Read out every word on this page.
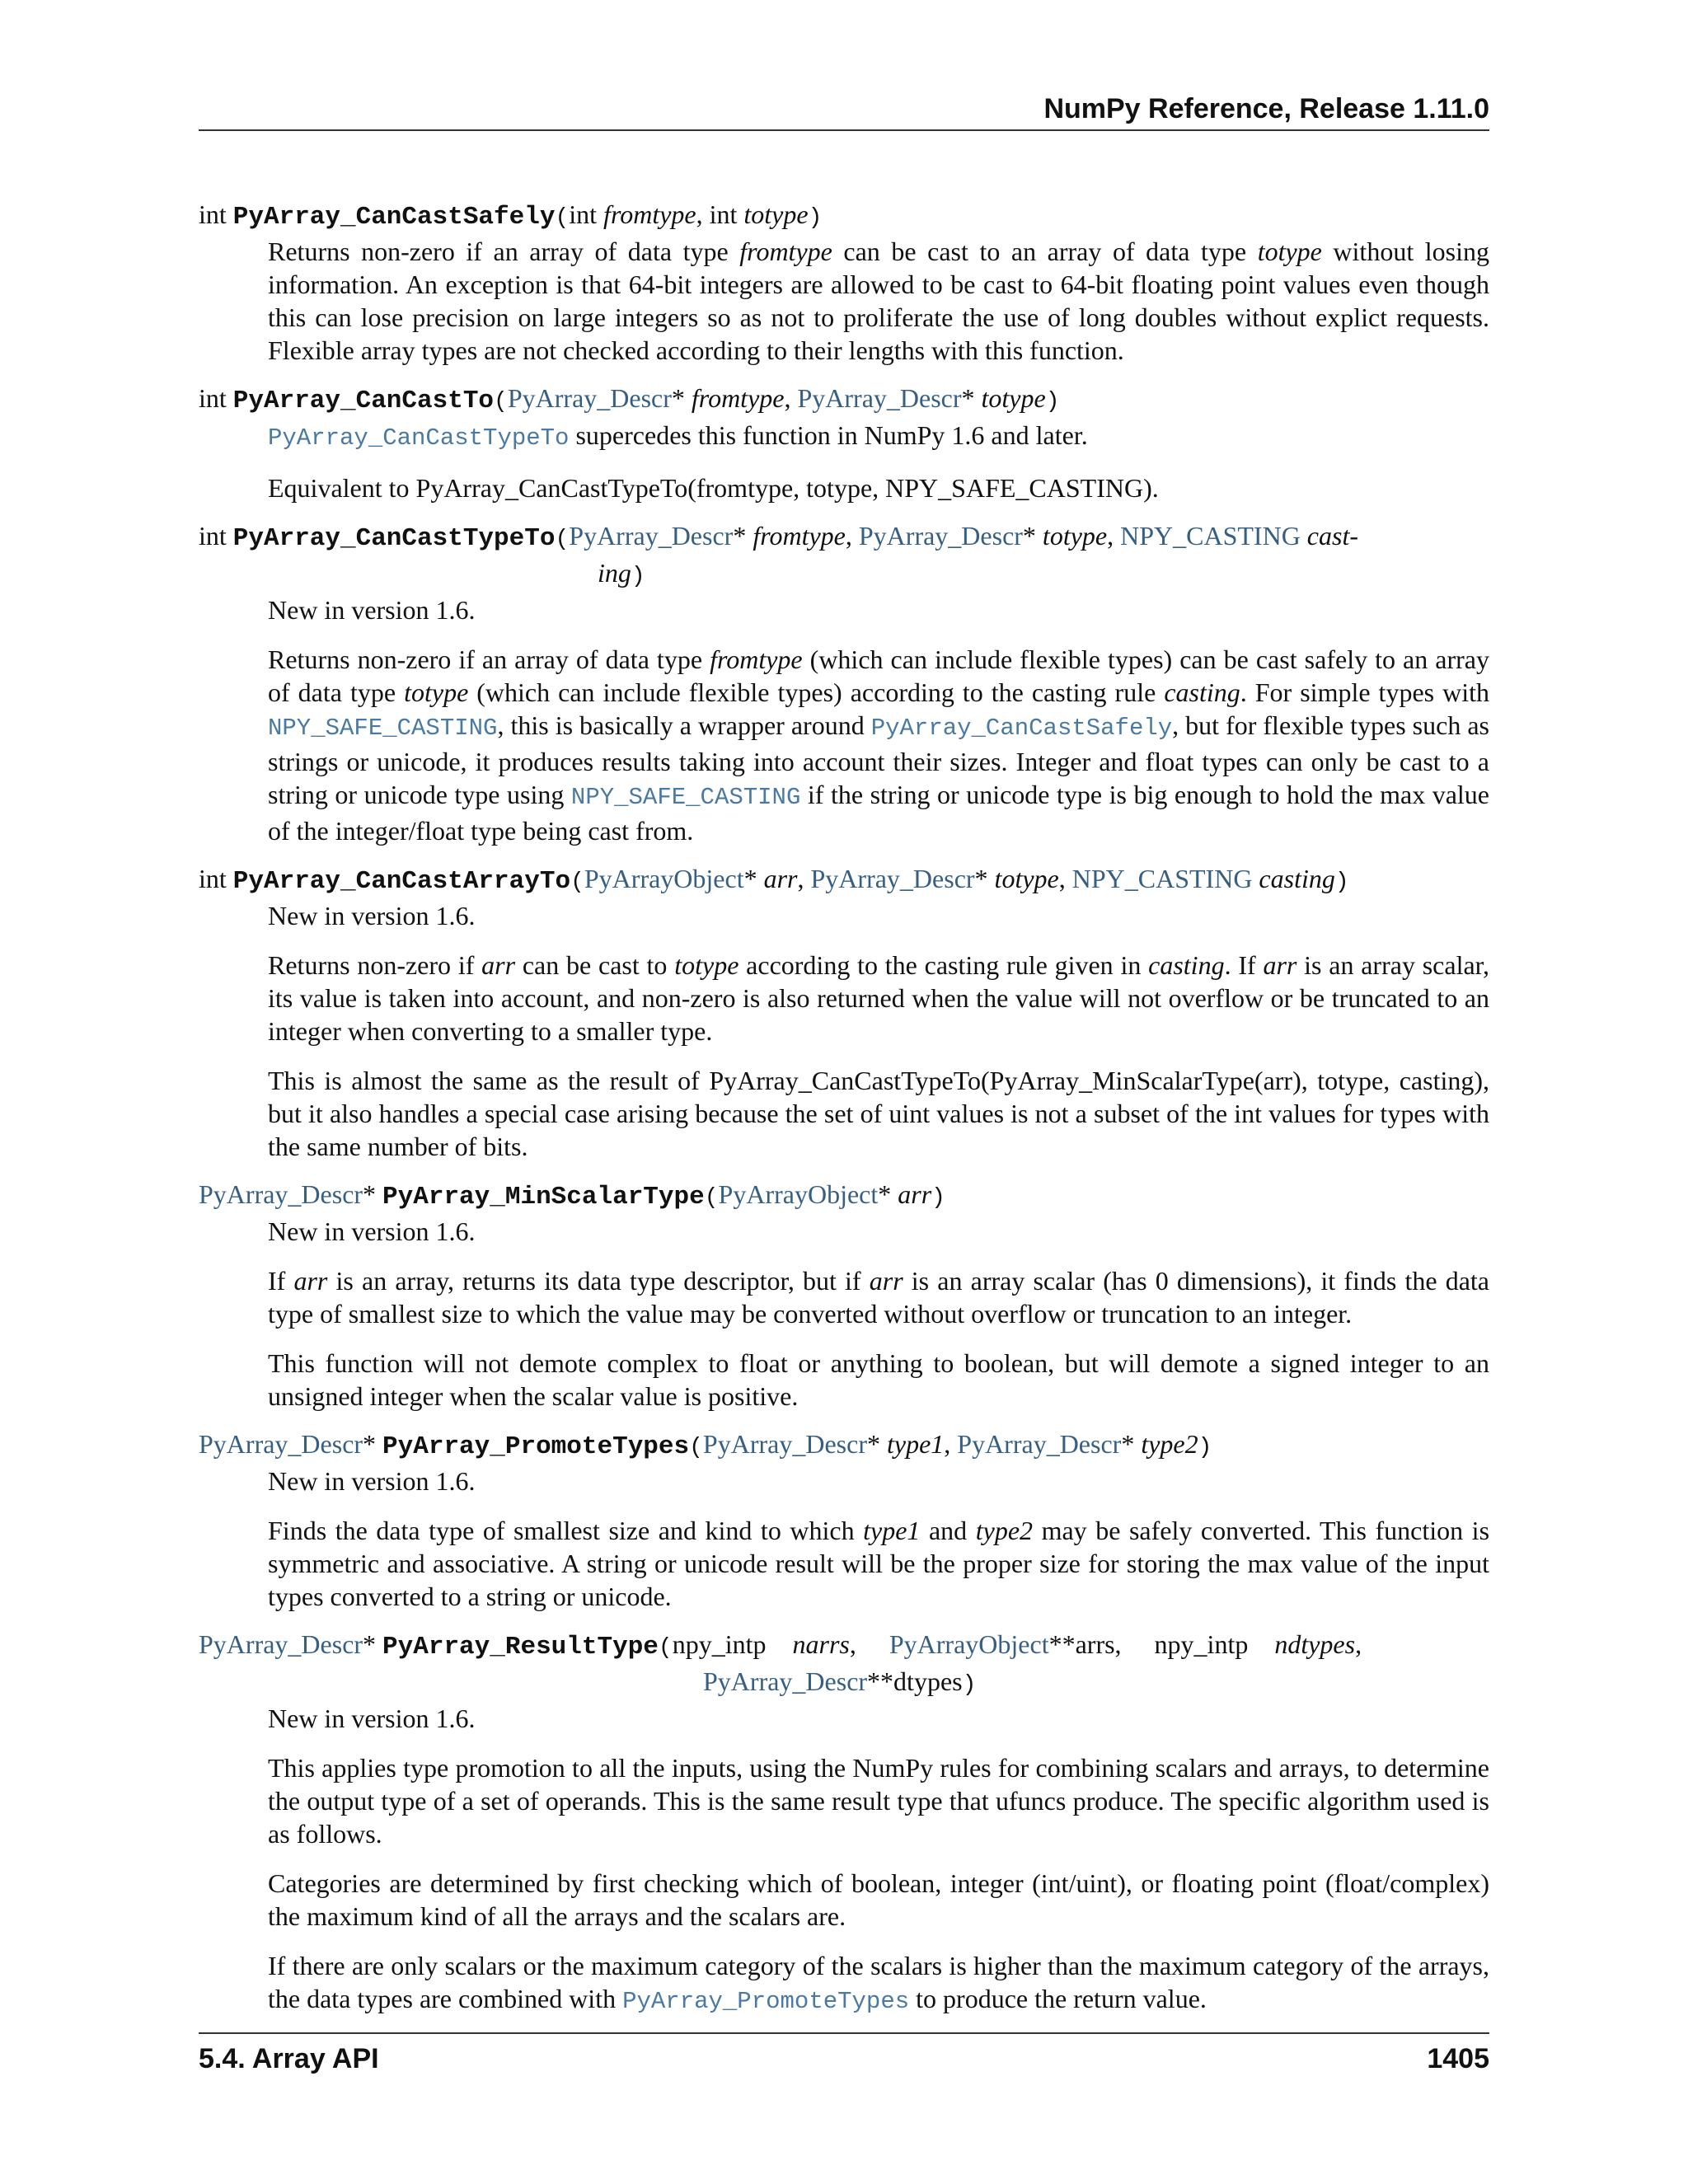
NumPy Reference, Release 1.11.0
int PyArray_CanCastSafely(int fromtype, int totype)

Returns non-zero if an array of data type fromtype can be cast to an array of data type totype without losing information. An exception is that 64-bit integers are allowed to be cast to 64-bit floating point values even though this can lose precision on large integers so as not to proliferate the use of long doubles without explict requests. Flexible array types are not checked according to their lengths with this function.

int PyArray_CanCastTo(PyArray_Descr* fromtype, PyArray_Descr* totype)

PyArray_CanCastTypeTo supercedes this function in NumPy 1.6 and later.

Equivalent to PyArray_CanCastTypeTo(fromtype, totype, NPY_SAFE_CASTING).

int PyArray_CanCastTypeTo(PyArray_Descr* fromtype, PyArray_Descr* totype, NPY_CASTING cast-
ing)

New in version 1.6.

Returns non-zero if an array of data type fromtype (which can include flexible types) can be cast safely to an array of data type totype (which can include flexible types) according to the casting rule casting. For simple types with NPY_SAFE_CASTING, this is basically a wrapper around PyArray_CanCastSafely, but for flexible types such as strings or unicode, it produces results taking into account their sizes. Integer and float types can only be cast to a string or unicode type using NPY_SAFE_CASTING if the string or unicode type is big enough to hold the max value of the integer/float type being cast from.

int PyArray_CanCastArrayTo(PyArrayObject* arr, PyArray_Descr* totype, NPY_CASTING casting)

New in version 1.6.

Returns non-zero if arr can be cast to totype according to the casting rule given in casting. If arr is an array scalar, its value is taken into account, and non-zero is also returned when the value will not overflow or be truncated to an integer when converting to a smaller type.

This is almost the same as the result of PyArray_CanCastTypeTo(PyArray_MinScalarType(arr), totype, casting), but it also handles a special case arising because the set of uint values is not a subset of the int values for types with the same number of bits.

PyArray_Descr* PyArray_MinScalarType(PyArrayObject* arr)

New in version 1.6.

If arr is an array, returns its data type descriptor, but if arr is an array scalar (has 0 dimensions), it finds the data type of smallest size to which the value may be converted without overflow or truncation to an integer.

This function will not demote complex to float or anything to boolean, but will demote a signed integer to an unsigned integer when the scalar value is positive.

PyArray_Descr* PyArray_PromoteTypes(PyArray_Descr* type1, PyArray_Descr* type2)

New in version 1.6.

Finds the data type of smallest size and kind to which type1 and type2 may be safely converted. This function is symmetric and associative. A string or unicode result will be the proper size for storing the max value of the input types converted to a string or unicode.

PyArray_Descr* PyArray_ResultType(npy_intp narrs,     PyArrayObject**arrs, npy_intp ndtypes,
PyArray_Descr**dtypes)

New in version 1.6.

This applies type promotion to all the inputs, using the NumPy rules for combining scalars and arrays, to determine the output type of a set of operands. This is the same result type that ufuncs produce. The specific algorithm used is as follows.

Categories are determined by first checking which of boolean, integer (int/uint), or floating point (float/complex) the maximum kind of all the arrays and the scalars are.

If there are only scalars or the maximum category of the scalars is higher than the maximum category of the arrays, the data types are combined with PyArray_PromoteTypes to produce the return value.

5.4. Array API	1405
